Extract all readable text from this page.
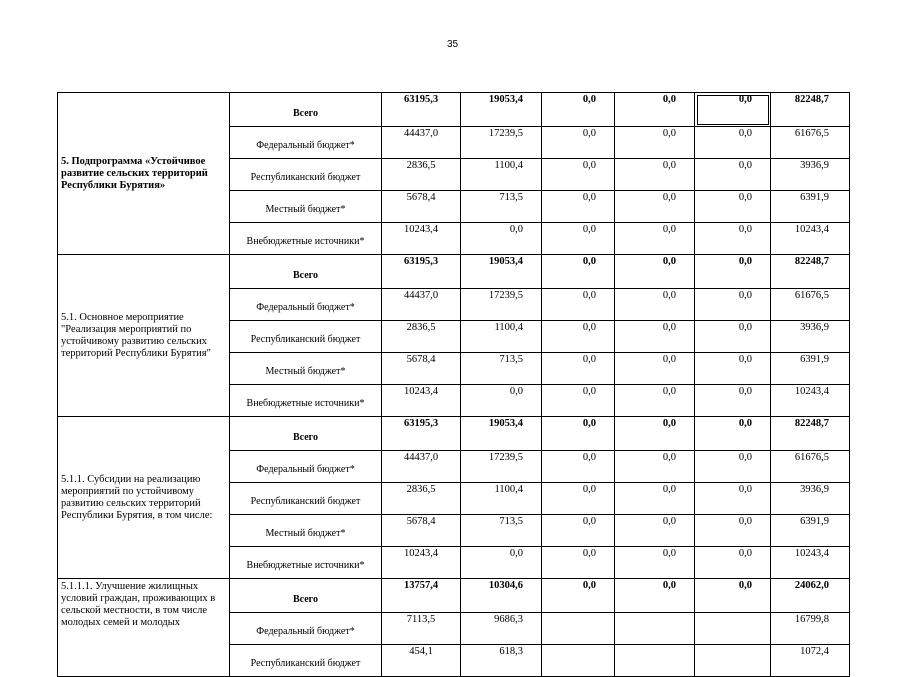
35
5. Подпрограмма «Устойчивое развитие сельских территорий Республики Бурятия»	Всего	63195,3	19053,4	0,0	0,0	0,0	82248,7
	Федеральный бюджет*	44437,0	17239,5	0,0	0,0	0,0	61676,5
	Республиканский бюджет	2836,5	1100,4	0,0	0,0	0,0	3936,9
	Местный бюджет*	5678,4	713,5	0,0	0,0	0,0	6391,9
	Внебюджетные источники*	10243,4	0,0	0,0	0,0	0,0	10243,4
5.1. Основное мероприятие "Реализация мероприятий по устойчивому развитию сельских территорий Республики Бурятия"	Всего	63195,3	19053,4	0,0	0,0	0,0	82248,7
	Федеральный бюджет*	44437,0	17239,5	0,0	0,0	0,0	61676,5
	Республиканский бюджет	2836,5	1100,4	0,0	0,0	0,0	3936,9
	Местный бюджет*	5678,4	713,5	0,0	0,0	0,0	6391,9
	Внебюджетные источники*	10243,4	0,0	0,0	0,0	0,0	10243,4
5.1.1. Субсидии на реализацию мероприятий по устойчивому развитию сельских территорий Республики Бурятия, в том числе:	Всего	63195,3	19053,4	0,0	0,0	0,0	82248,7
	Федеральный бюджет*	44437,0	17239,5	0,0	0,0	0,0	61676,5
	Республиканский бюджет	2836,5	1100,4	0,0	0,0	0,0	3936,9
	Местный бюджет*	5678,4	713,5	0,0	0,0	0,0	6391,9
	Внебюджетные источники*	10243,4	0,0	0,0	0,0	0,0	10243,4
5.1.1.1. Улучшение жилищных условий граждан, проживающих в сельской местности, в том числе молодых семей и молодых	Всего	13757,4	10304,6	0,0	0,0	0,0	24062,0
	Федеральный бюджет*	7113,5	9686,3				16799,8
	Республиканский бюджет	454,1	618,3				1072,4
